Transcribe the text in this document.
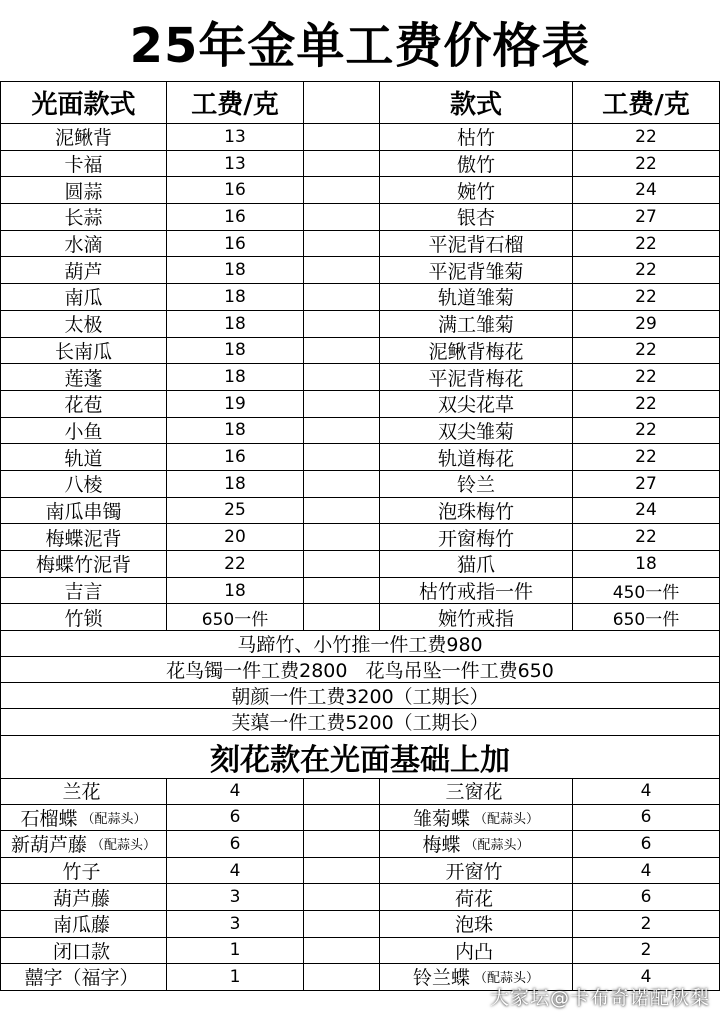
25年金单工费价格表
光面款式	工费/克	款式	工费/克
泥鳅背	13	枯竹	22
卡福	13	傲竹	22
圆蒜	16	婉竹	24
长蒜	16	银杏	27
水滴	16	平泥背石榴	22
葫芦	18	平泥背雏菊	22
南瓜	18	轨道雏菊	22
太极	18	满工雏菊	29
长南瓜	18	泥鳅背梅花	22
莲蓬	18	平泥背梅花	22
花苞	19	双尖花草	22
小鱼	18	双尖雏菊	22
轨道	16	轨道梅花	22
八棱	18	铃兰	27
南瓜串镯	25	泡珠梅竹	24
梅蝶泥背	20	开窗梅竹	22
梅蝶竹泥背	22	猫爪	18
吉言	18	枯竹戒指一件	450一件
竹锁	650一件	婉竹戒指	650一件
马蹄竹、小竹推一件工费980
花鸟镯一件工费2800   花鸟吊坠一件工费650
朝颜一件工费3200（工期长）
芙蕖一件工费5200（工期长）
刻花款在光面基础上加
兰花	4	三窗花	4
石榴蝶 （配蒜头）	6	雏菊蝶 （配蒜头）	6
新葫芦藤 （配蒜头）	6	梅蝶 （配蒜头）	6
竹子	4	开窗竹	4
葫芦藤	3	荷花	6
南瓜藤	3	泡珠	2
闭口款	1	内凸	2
囍字（福字）	1	铃兰蝶 （配蒜头）	4
大家坛@卡布奇诺配秋梨
